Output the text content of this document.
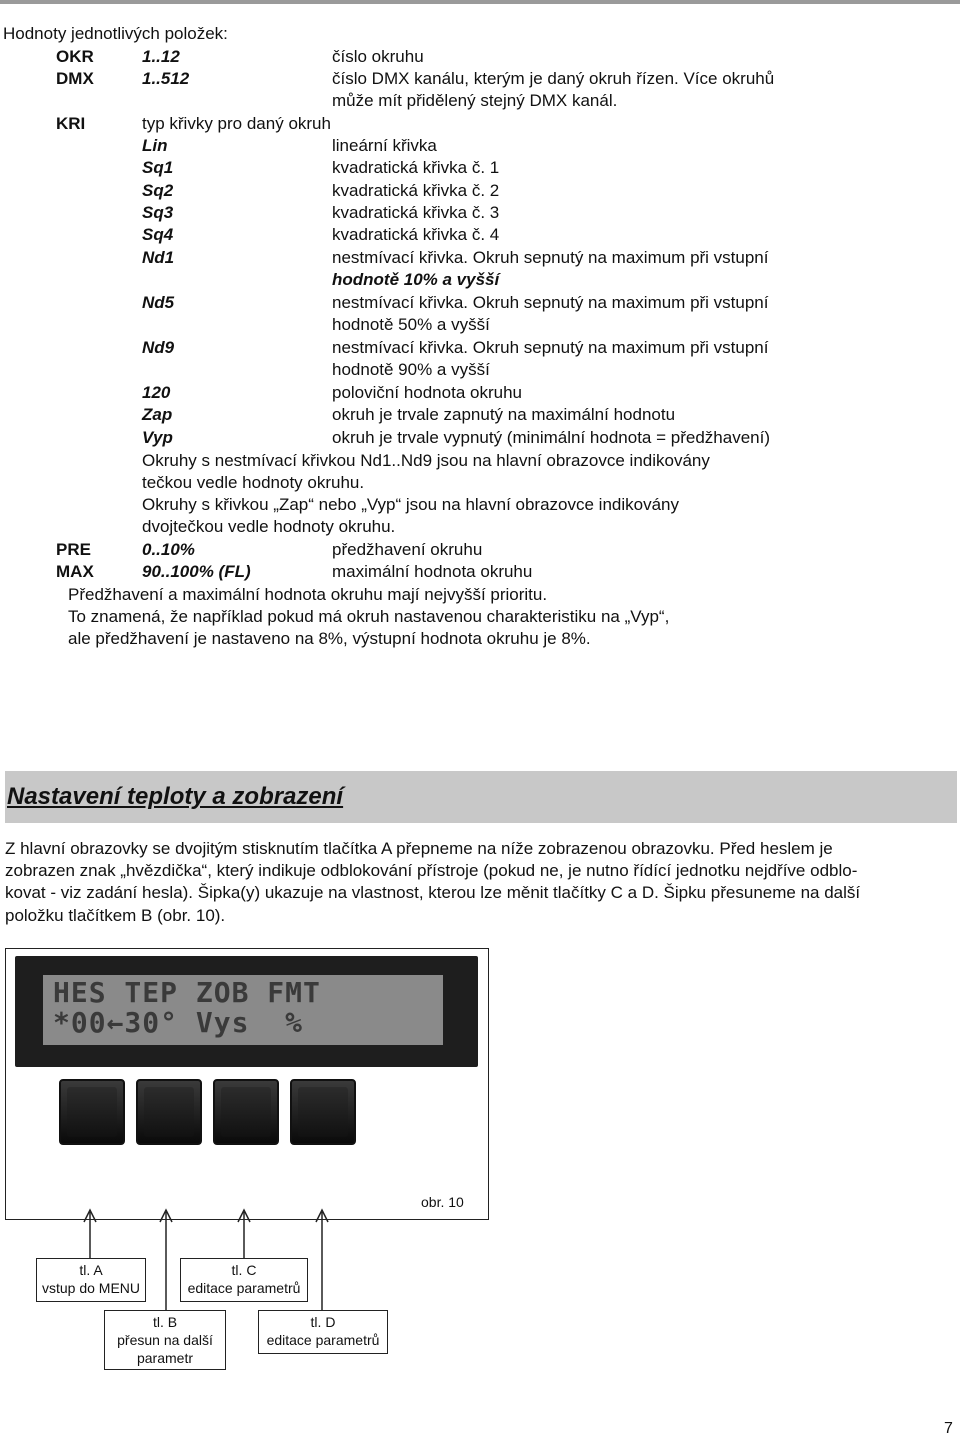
Hodnoty jednotlivých položek:
OKR	1..12	číslo okruhu
DMX	1..512	číslo DMX kanálu, kterým je daný okruh řízen. Více okruhů
může mít přidělený stejný DMX kanál.
KRI	typ křivky pro daný okruh
Lin	lineární křivka
Sq1	kvadratická křivka č. 1
Sq2	kvadratická křivka č. 2
Sq3	kvadratická křivka č. 3
Sq4	kvadratická křivka č. 4
Nd1	nestmívací křivka. Okruh sepnutý na maximum při vstupní
hodnotě 10% a vyšší
Nd5	nestmívací křivka. Okruh sepnutý na maximum při vstupní
hodnotě 50% a vyšší
Nd9	nestmívací křivka. Okruh sepnutý na maximum při vstupní
hodnotě 90% a vyšší
120	poloviční hodnota okruhu
Zap	okruh je trvale zapnutý na maximální hodnotu
Vyp	okruh je trvale vypnutý (minimální hodnota = předžhavení)
Okruhy s nestmívací křivkou Nd1..Nd9 jsou na hlavní obrazovce indikovány
tečkou vedle hodnoty okruhu.
Okruhy s křivkou „Zap“ nebo „Vyp“ jsou na hlavní obrazovce indikovány
dvojtečkou vedle hodnoty okruhu.
PRE	0..10%	předžhavení okruhu
MAX	90..100% (FL)	maximální hodnota okruhu
Předžhavení a maximální hodnota okruhu mají nejvyšší prioritu.
To znamená, že například pokud má okruh nastavenou charakteristiku na „Vyp“,
ale předžhavení je nastaveno na 8%, výstupní hodnota okruhu je 8%.
Nastavení teploty a zobrazení
Z hlavní obrazovky se dvojitým stisknutím tlačítka A přepneme na níže zobrazenou obrazovku. Před heslem je
zobrazen znak „hvězdička“, který indikuje odblokování přístroje (pokud ne, je nutno řídící jednotku nejdříve odblo-
kovat - viz zadání hesla). Šipka(y) ukazuje na vlastnost, kterou lze měnit tlačítky C a D. Šipku přesuneme na další
položku tlačítkem B (obr. 10).
HES TEP ZOB FMT
*00←30° Vys  %
obr. 10
tl. A
vstup do MENU
tl. C
editace parametrů
tl. B
přesun na další
parametr
tl. D
editace parametrů
7
